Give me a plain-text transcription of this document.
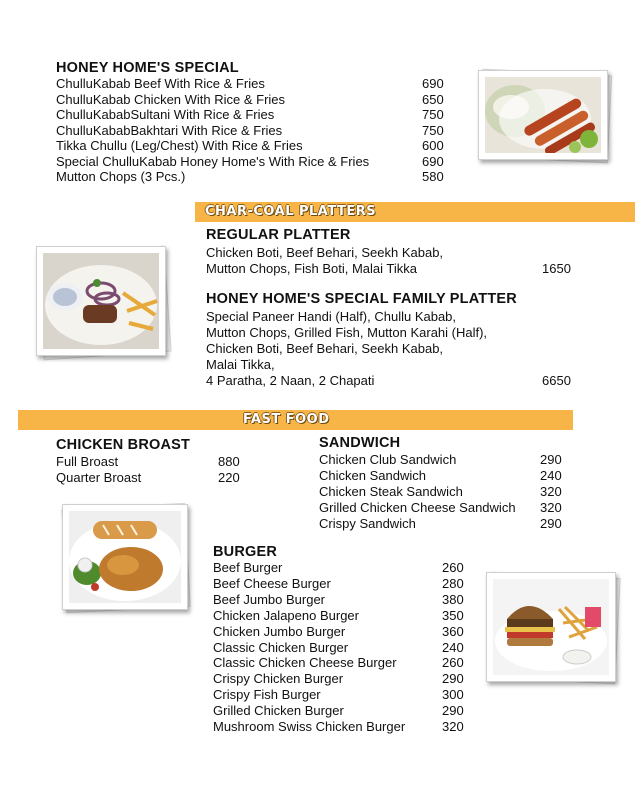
HONEY HOME'S SPECIAL
ChulluKabab Beef With Rice & Fries	690
ChulluKabab Chicken With Rice & Fries	650
ChulluKababSultani With Rice & Fries	750
ChulluKababBakhtari With Rice & Fries	750
Tikka Chullu (Leg/Chest) With Rice & Fries	600
Special ChulluKabab Honey Home's With Rice & Fries	690
Mutton Chops (3 Pcs.)	580
CHAR-COAL PLATTERS
REGULAR PLATTER
Chicken Boti, Beef Behari, Seekh Kabab,
Mutton Chops, Fish Boti, Malai Tikka	1650
HONEY HOME'S SPECIAL FAMILY PLATTER
Special Paneer Handi (Half), Chullu Kabab,
Mutton Chops, Grilled Fish, Mutton Karahi (Half),
Chicken Boti, Beef Behari, Seekh Kabab,
Malai Tikka,
4 Paratha, 2 Naan, 2 Chapati	6650
FAST FOOD
CHICKEN BROAST
Full Broast	880
Quarter Broast	220
SANDWICH
Chicken Club Sandwich	290
Chicken Sandwich	240
Chicken Steak Sandwich	320
Grilled Chicken Cheese Sandwich 320
Crispy Sandwich	290
BURGER
Beef Burger	260
Beef Cheese Burger	280
Beef Jumbo Burger	380
Chicken Jalapeno Burger	350
Chicken Jumbo Burger	360
Classic Chicken Burger	240
Classic Chicken Cheese Burger	260
Crispy Chicken Burger	290
Crispy Fish Burger	300
Grilled Chicken Burger	290
Mushroom Swiss Chicken Burger	320
